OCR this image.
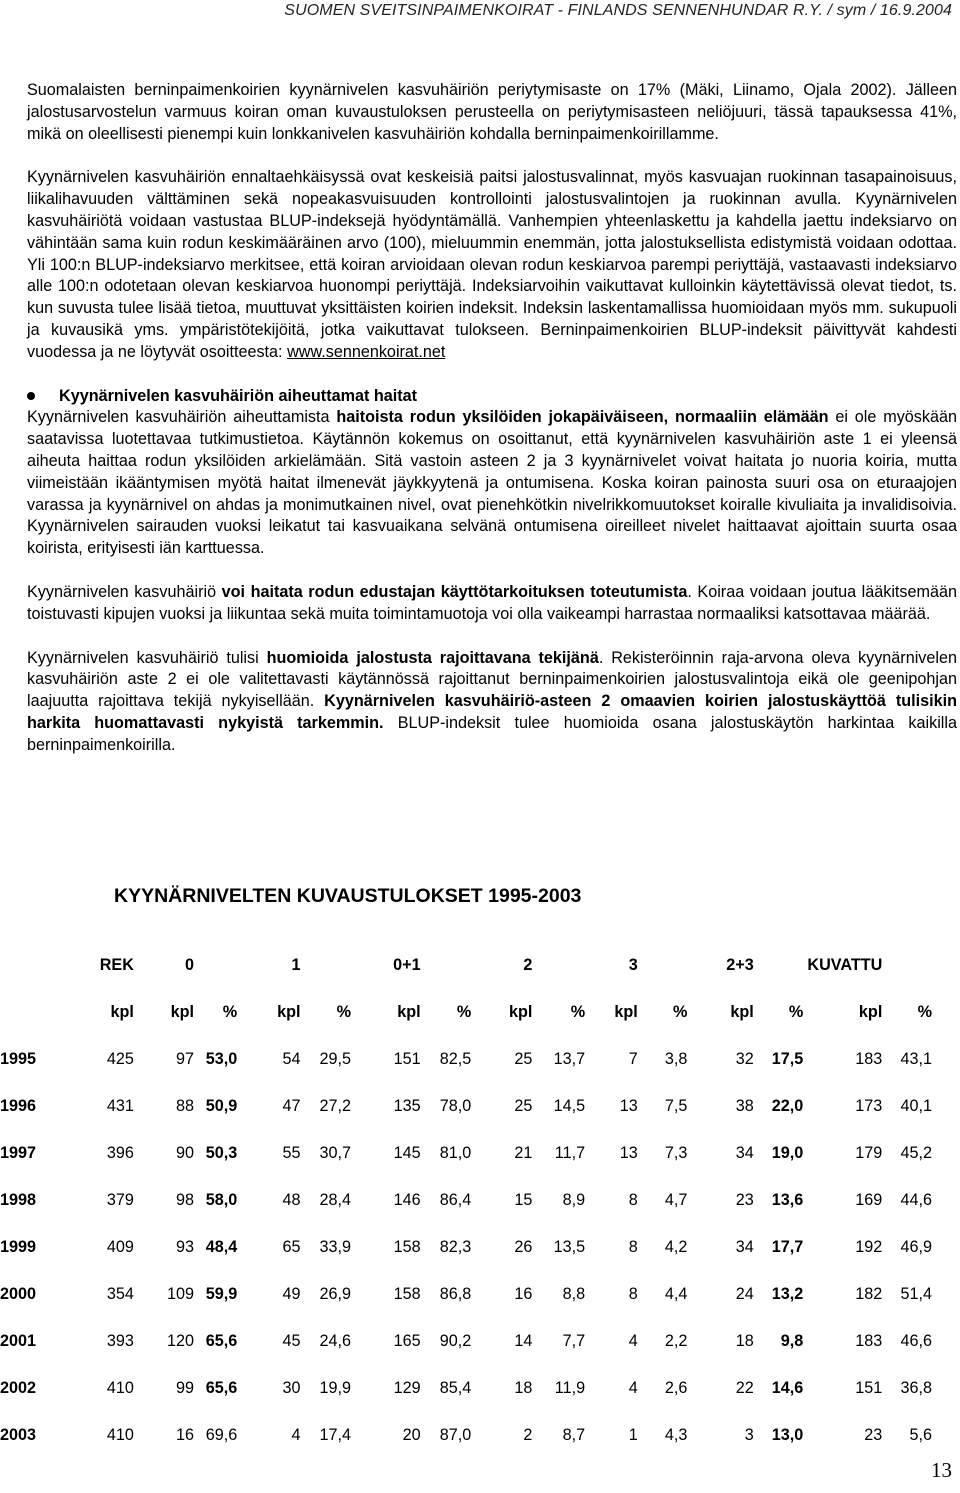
SUOMEN SVEITSINPAIMENKOIRAT - FINLANDS SENNENHUNDAR R.Y. / sym / 16.9.2004

Suomalaisten berninpaimenkoirien kyynärnivelen kasvuhäiriön periytymisaste on 17% (Mäki, Liinamo, Ojala 2002). Jälleen jalostusarvostelun varmuus koiran oman kuvaustuloksen perusteella on periytymisasteen neliöjuuri, tässä tapauksessa 41%, mikä on oleellisesti pienempi kuin lonkkanivelen kasvuhäiriön kohdalla berninpaimenkoirillamme.

Kyynärnivelen kasvuhäiriön ennaltaehkäisyssä ovat keskeisiä paitsi jalostusvalinnat, myös kasvuajan ruokinnan tasapainoisuus, liikalihavuuden välttäminen sekä nopeakasvuisuuden kontrollointi jalostusvalintojen ja ruokinnan avulla. Kyynärnivelen kasvuhäiriötä voidaan vastustaa BLUP-indeksejä hyödyntämällä. Vanhempien yhteenlaskettu ja kahdella jaettu indeksiarvo on vähintään sama kuin rodun keskimääräinen arvo (100), mieluummin enemmän, jotta jalostuksellista edistymistä voidaan odottaa. Yli 100:n BLUP-indeksiarvo merkitsee, että koiran arvioidaan olevan rodun keskiarvoa parempi periyttäjä, vastaavasti indeksiarvo alle 100:n odotetaan olevan keskiarvoa huonompi periyttäjä. Indeksiarvoihin vaikuttavat kulloinkin käytettävissä olevat tiedot, ts. kun suvusta tulee lisää tietoa, muuttuvat yksittäisten koirien indeksit. Indeksin laskentamallissa huomioidaan myös mm. sukupuoli ja kuvausikä yms. ympäristötekijöitä, jotka vaikuttavat tulokseen. Berninpaimenkoirien BLUP-indeksit päivittyvät kahdesti vuodessa ja ne löytyvät osoitteesta: www.sennenkoirat.net

Kyynärnivelen kasvuhäiriön aiheuttamat haitat

Kyynärnivelen kasvuhäiriön aiheuttamista haitoista rodun yksilöiden jokapäiväiseen, normaaliin elämään ei ole myöskään saatavissa luotettavaa tutkimustietoa. Käytännön kokemus on osoittanut, että kyynärnivelen kasvuhäiriön aste 1 ei yleensä aiheuta haittaa rodun yksilöiden arkielämään. Sitä vastoin asteen 2 ja 3 kyynärnivelet voivat haitata jo nuoria koiria, mutta viimeistään ikääntymisen myötä haitat ilmenevät jäykkyytenä ja ontumisena. Koska koiran painosta suuri osa on eturaajojen varassa ja kyynärnivel on ahdas ja monimutkainen nivel, ovat pienehkötkin nivelrikkomuutokset koiralle kivuliaita ja invalidisoivia. Kyynärnivelen sairauden vuoksi leikatut tai kasvuaikana selvänä ontumisena oireilleet nivelet haittaavat ajoittain suurta osaa koirista, erityisesti iän karttuessa.

Kyynärnivelen kasvuhäiriö voi haitata rodun edustajan käyttötarkoituksen toteutumista. Koiraa voidaan joutua lääkitsemään toistuvasti kipujen vuoksi ja liikuntaa sekä muita toimintamuotoja voi olla vaikeampi harrastaa normaaliksi katsottavaa määrää.

Kyynärnivelen kasvuhäiriö tulisi huomioida jalostusta rajoittavana tekijänä. Rekisteröinnin raja-arvona oleva kyynärnivelen kasvuhäiriön aste 2 ei ole valitettavasti käytännössä rajoittanut berninpaimenkoirien jalostusvalintoja eikä ole geenipohjan laajuutta rajoittava tekijä nykyisellään. Kyynärnivelen kasvuhäiriö-asteen 2 omaavien koirien jalostuskäyttöä tulisikin harkita huomattavasti nykyistä tarkemmin. BLUP-indeksit tulee huomioida osana jalostuskäytön harkintaa kaikilla berninpaimenkoirilla.

KYYNÄRNIVELTEN KUVAUSTULOKSET 1995-2003
	REK	0		1		0+1		2		3		2+3		KUVATTU	
	kpl	kpl	%	kpl	%	kpl	%	kpl	%	kpl	%	kpl	%	kpl	%
1995	425	97	53,0	54	29,5	151	82,5	25	13,7	7	3,8	32	17,5	183	43,1
1996	431	88	50,9	47	27,2	135	78,0	25	14,5	13	7,5	38	22,0	173	40,1
1997	396	90	50,3	55	30,7	145	81,0	21	11,7	13	7,3	34	19,0	179	45,2
1998	379	98	58,0	48	28,4	146	86,4	15	8,9	8	4,7	23	13,6	169	44,6
1999	409	93	48,4	65	33,9	158	82,3	26	13,5	8	4,2	34	17,7	192	46,9
2000	354	109	59,9	49	26,9	158	86,8	16	8,8	8	4,4	24	13,2	182	51,4
2001	393	120	65,6	45	24,6	165	90,2	14	7,7	4	2,2	18	9,8	183	46,6
2002	410	99	65,6	30	19,9	129	85,4	18	11,9	4	2,6	22	14,6	151	36,8
2003	410	16	69,6	4	17,4	20	87,0	2	8,7	1	4,3	3	13,0	23	5,6
13
